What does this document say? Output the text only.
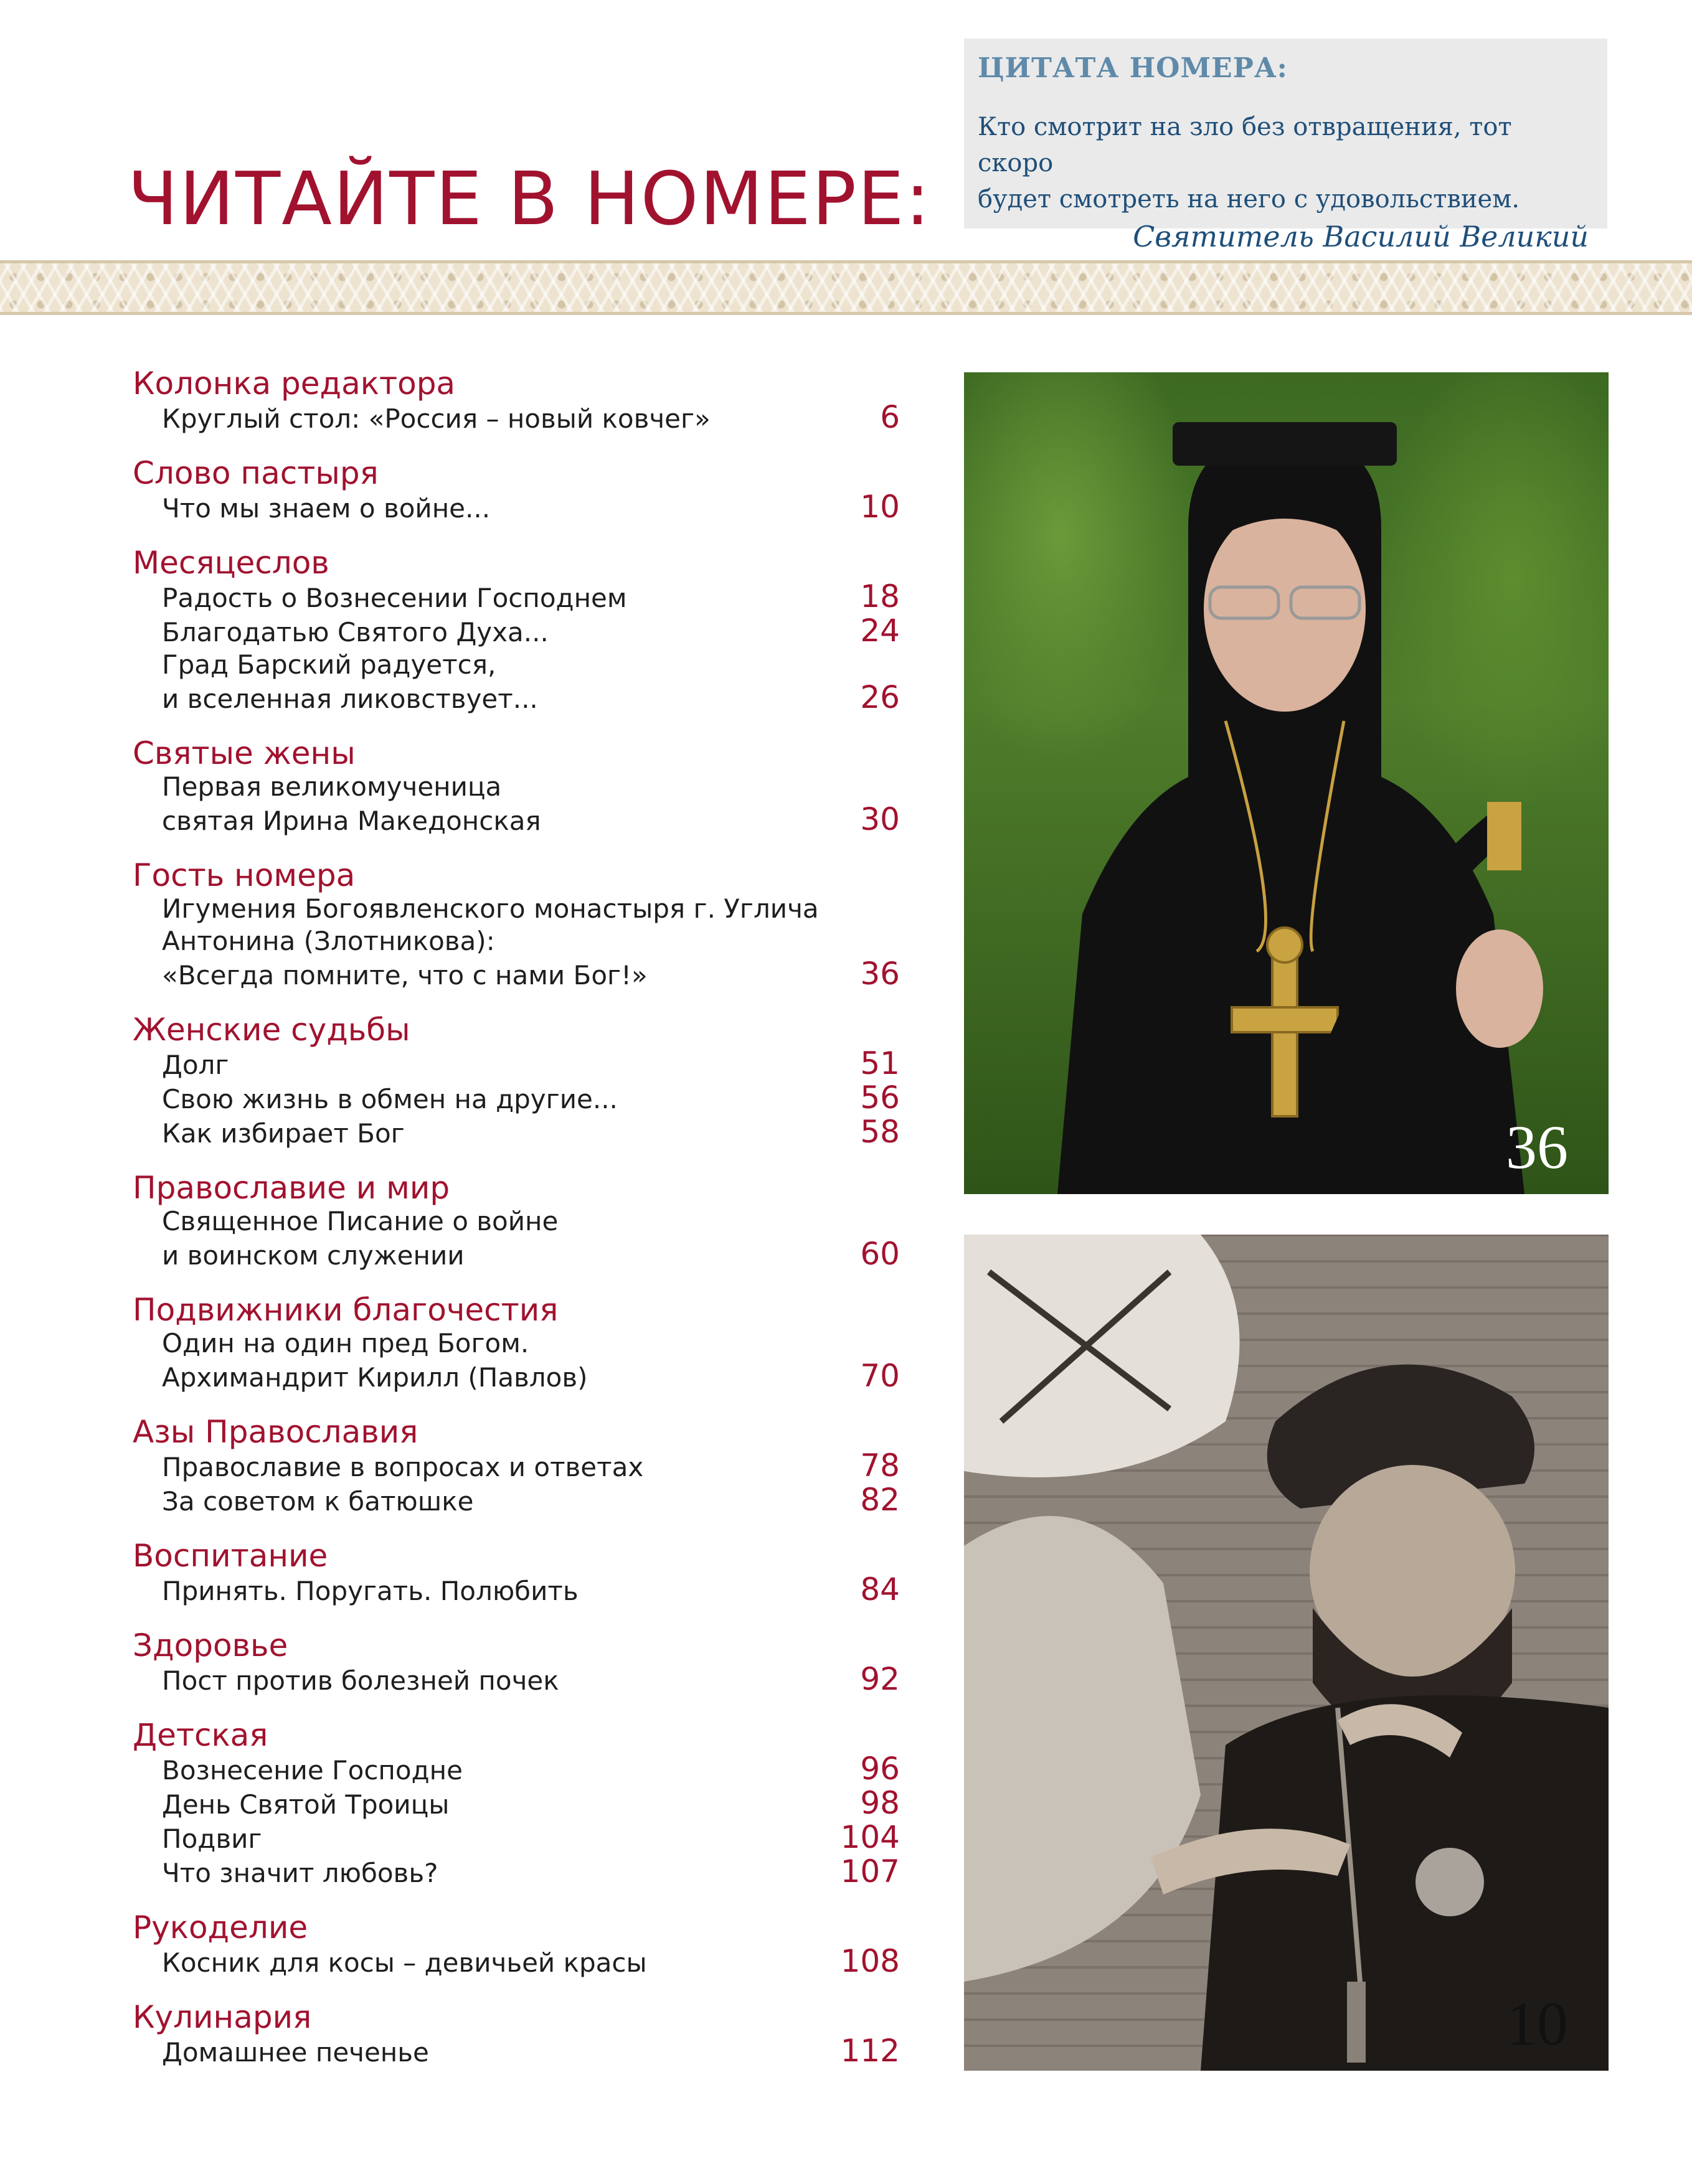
ЧИТАЙТЕ В НОМЕРЕ:
ЦИТАТА НОМЕРА:
Кто смотрит на зло без отвращения, тот скоро
будет смотреть на него с удовольствием.
Святитель Василий Великий
Колонка редактора
Круглый стол: «Россия – новый ковчег»	6
Слово пастыря
Что мы знаем о войне...	10
Месяцеслов
Радость о Вознесении Господнем	18
Благодатью Святого Духа...	24
Град Барский радуется,
и вселенная ликовствует...	26
Святые жены
Первая великомученица
святая Ирина Македонская	30
Гость номера
Игумения Богоявленского монастыря г. Углича
Антонина (Злотникова):
«Всегда помните, что с нами Бог!»	36
Женские судьбы
Долг	51
Свою жизнь в обмен на другие...	56
Как избирает Бог	58
Православие и мир
Священное Писание о войне
и воинском служении	60
Подвижники благочестия
Один на один пред Богом.
Архимандрит Кирилл (Павлов)	70
Азы Православия
Православие в вопросах и ответах	78
За советом к батюшке	82
Воспитание
Принять. Поругать. Полюбить	84
Здоровье
Пост против болезней почек	92
Детская
Вознесение Господне	96
День Святой Троицы	98
Подвиг	104
Что значит любовь?	107
Рукоделие
Косник для косы – девичьей красы	108
Кулинария
Домашнее печенье	112
36
10
